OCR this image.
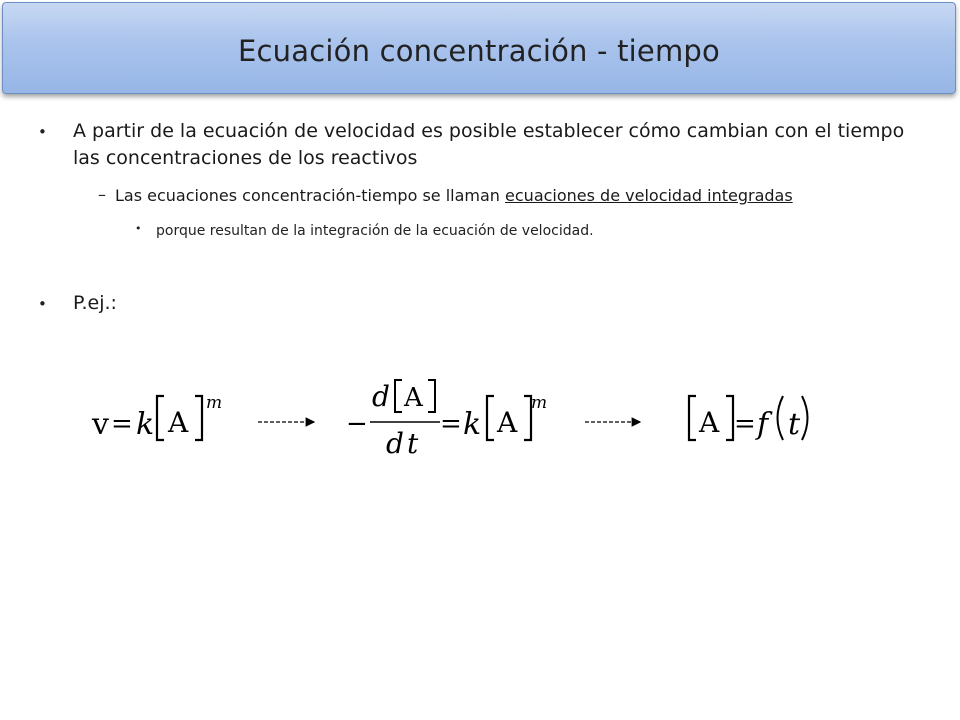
Ecuación concentración - tiempo
•	A partir de la ecuación de velocidad es posible establecer cómo cambian con el tiempo las concentraciones de los reactivos
– Las ecuaciones concentración-tiempo se llaman ecuaciones de velocidad integradas
•	porque resultan de la integración de la ecuación de velocidad.
•	P.ej.:
v = k A
m
−
d A
d t
= k A
m
A = f t
